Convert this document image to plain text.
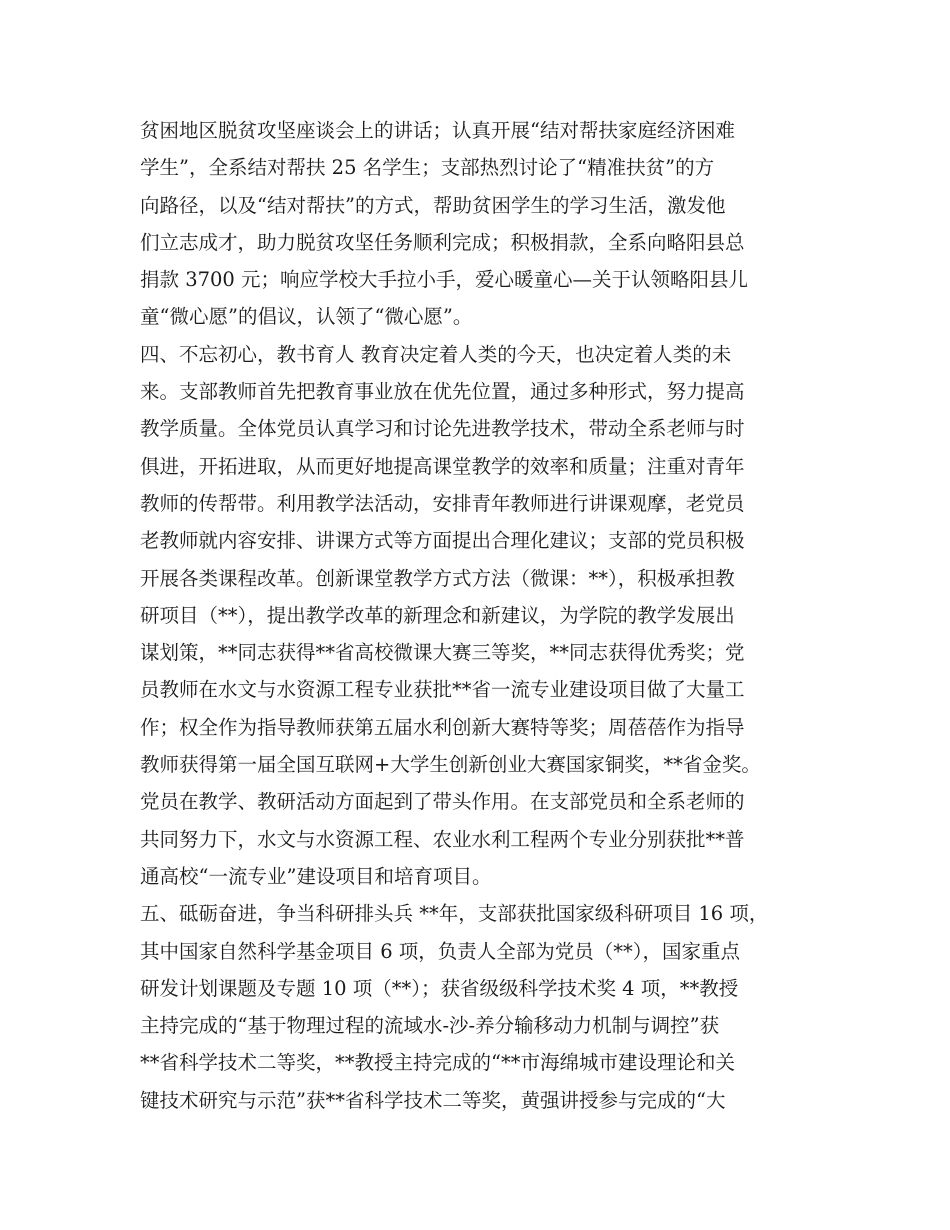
贫困地区脱贫攻坚座谈会上的讲话；认真开展“结对帮扶家庭经济困难
学生”，全系结对帮扶 25 名学生；支部热烈讨论了“精准扶贫”的方
向路径，以及“结对帮扶”的方式，帮助贫困学生的学习生活，激发他
们立志成才，助力脱贫攻坚任务顺利完成；积极捐款，全系向略阳县总
捐款 3700 元；响应学校大手拉小手，爱心暖童心—关于认领略阳县儿
童“微心愿”的倡议，认领了“微心愿”。
四、不忘初心，教书育人 教育决定着人类的今天，也决定着人类的未
来。支部教师首先把教育事业放在优先位置，通过多种形式，努力提高
教学质量。全体党员认真学习和讨论先进教学技术，带动全系老师与时
俱进，开拓进取，从而更好地提高课堂教学的效率和质量；注重对青年
教师的传帮带。利用教学法活动，安排青年教师进行讲课观摩，老党员
老教师就内容安排、讲课方式等方面提出合理化建议；支部的党员积极
开展各类课程改革。创新课堂教学方式方法（微课：**），积极承担教
研项目（**），提出教学改革的新理念和新建议，为学院的教学发展出
谋划策，**同志获得**省高校微课大赛三等奖，**同志获得优秀奖；党
员教师在水文与水资源工程专业获批**省一流专业建设项目做了大量工
作；权全作为指导教师获第五届水利创新大赛特等奖；周蓓蓓作为指导
教师获得第一届全国互联网+大学生创新创业大赛国家铜奖，**省金奖。
党员在教学、教研活动方面起到了带头作用。在支部党员和全系老师的
共同努力下，水文与水资源工程、农业水利工程两个专业分别获批**普
通高校“一流专业”建设项目和培育项目。
五、砥砺奋进，争当科研排头兵 **年，支部获批国家级科研项目 16 项，
其中国家自然科学基金项目 6 项，负责人全部为党员（**），国家重点
研发计划课题及专题 10 项（**）；获省级级科学技术奖 4 项，**教授
主持完成的“基于物理过程的流域水-沙-养分输移动力机制与调控”获
**省科学技术二等奖，**教授主持完成的“**市海绵城市建设理论和关
键技术研究与示范”获**省科学技术二等奖，黄强讲授参与完成的“大
